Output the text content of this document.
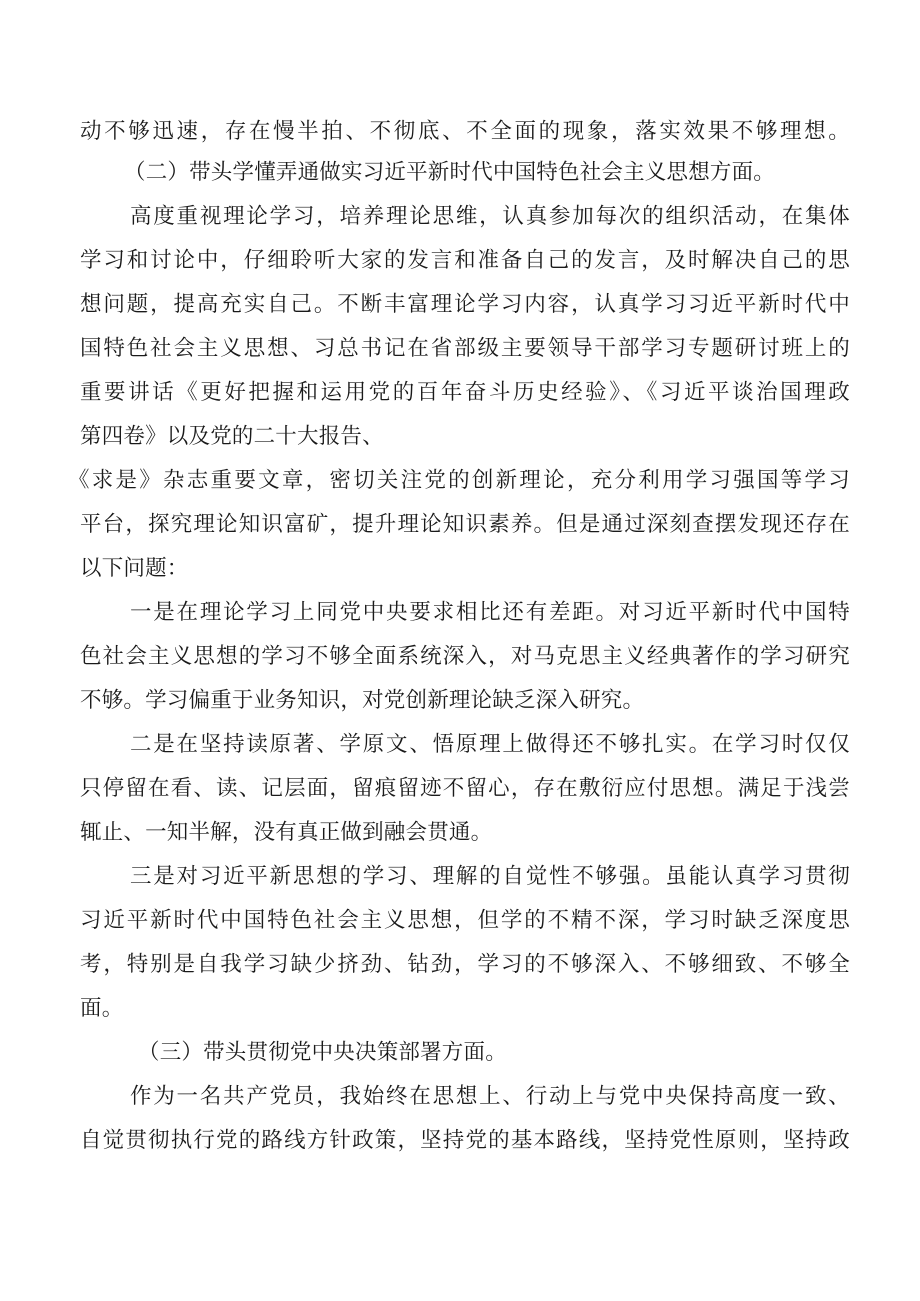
动不够迅速，存在慢半拍、不彻底、不全面的现象，落实效果不够理想。
（二）带头学懂弄通做实习近平新时代中国特色社会主义思想方面。
高度重视理论学习，培养理论思维，认真参加每次的组织活动，在集体
学习和讨论中，仔细聆听大家的发言和准备自己的发言，及时解决自己的思
想问题，提高充实自己。不断丰富理论学习内容，认真学习习近平新时代中
国特色社会主义思想、习总书记在省部级主要领导干部学习专题研讨班上的
重要讲话《更好把握和运用党的百年奋斗历史经验》、《习近平谈治国理政
第四卷》以及党的二十大报告、
《求是》杂志重要文章，密切关注党的创新理论，充分利用学习强国等学习
平台，探究理论知识富矿，提升理论知识素养。但是通过深刻查摆发现还存在
以下问题：
一是在理论学习上同党中央要求相比还有差距。对习近平新时代中国特
色社会主义思想的学习不够全面系统深入，对马克思主义经典著作的学习研究
不够。学习偏重于业务知识，对党创新理论缺乏深入研究。
二是在坚持读原著、学原文、悟原理上做得还不够扎实。在学习时仅仅
只停留在看、读、记层面，留痕留迹不留心，存在敷衍应付思想。满足于浅尝
辄止、一知半解，没有真正做到融会贯通。
三是对习近平新思想的学习、理解的自觉性不够强。虽能认真学习贯彻
习近平新时代中国特色社会主义思想，但学的不精不深，学习时缺乏深度思
考，特别是自我学习缺少挤劲、钻劲，学习的不够深入、不够细致、不够全
面。
（三）带头贯彻党中央决策部署方面。
作为一名共产党员，我始终在思想上、行动上与党中央保持高度一致、
自觉贯彻执行党的路线方针政策，坚持党的基本路线，坚持党性原则，坚持政
